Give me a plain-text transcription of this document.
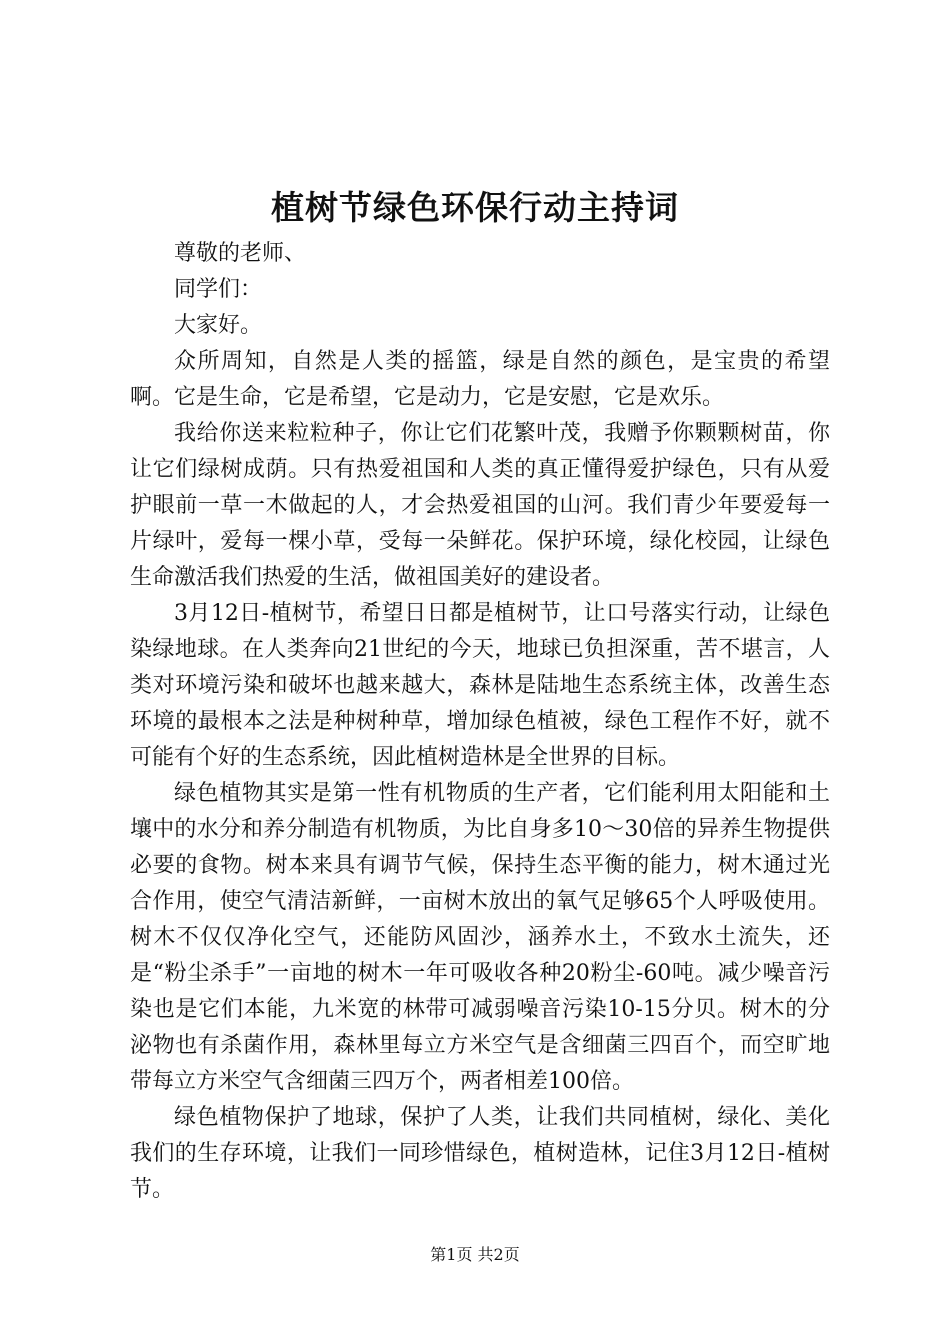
植树节绿色环保行动主持词

尊敬的老师、

同学们：

大家好。

众所周知，自然是人类的摇篮，绿是自然的颜色，是宝贵的希望啊。它是生命，它是希望，它是动力，它是安慰，它是欢乐。

我给你送来粒粒种子，你让它们花繁叶茂，我赠予你颗颗树苗，你让它们绿树成荫。只有热爱祖国和人类的真正懂得爱护绿色，只有从爱护眼前一草一木做起的人，才会热爱祖国的山河。我们青少年要爱每一片绿叶，爱每一棵小草，受每一朵鲜花。保护环境，绿化校园，让绿色生命激活我们热爱的生活，做祖国美好的建设者。

3月12日-植树节，希望日日都是植树节，让口号落实行动，让绿色染绿地球。在人类奔向21世纪的今天，地球已负担深重，苦不堪言，人类对环境污染和破坏也越来越大，森林是陆地生态系统主体，改善生态环境的最根本之法是种树种草，增加绿色植被，绿色工程作不好，就不可能有个好的生态系统，因此植树造林是全世界的目标。

绿色植物其实是第一性有机物质的生产者，它们能利用太阳能和土壤中的水分和养分制造有机物质，为比自身多10～30倍的异养生物提供必要的食物。树本来具有调节气候，保持生态平衡的能力，树木通过光合作用，使空气清洁新鲜，一亩树木放出的氧气足够65个人呼吸使用。树木不仅仅净化空气，还能防风固沙，涵养水土，不致水土流失，还是“粉尘杀手”一亩地的树木一年可吸收各种20粉尘-60吨。减少噪音污染也是它们本能，九米宽的林带可减弱噪音污染10-15分贝。树木的分泌物也有杀菌作用，森林里每立方米空气是含细菌三四百个，而空旷地带每立方米空气含细菌三四万个，两者相差100倍。

绿色植物保护了地球，保护了人类，让我们共同植树，绿化、美化我们的生存环境，让我们一同珍惜绿色，植树造林，记住3月12日-植树节。

第1页 共2页
